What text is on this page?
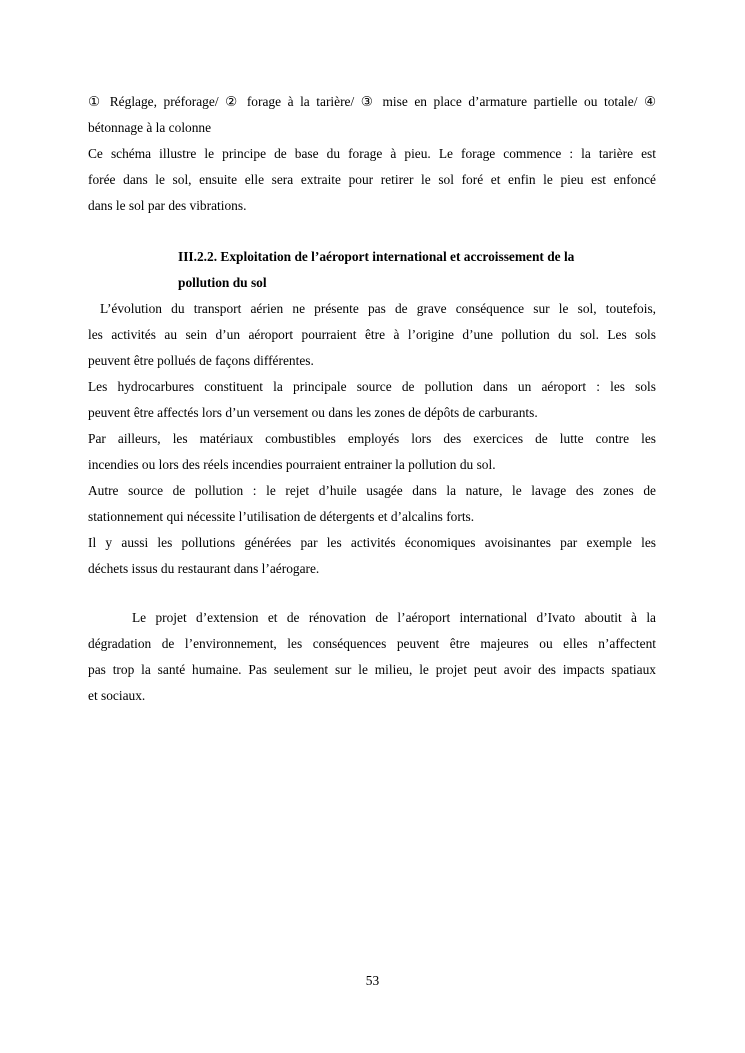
① Réglage, préforage/ ② forage à la tarière/ ③ mise en place d’armature partielle ou totale/ ④
bétonnage à la colonne
Ce schéma illustre le principe de base du forage à pieu. Le forage commence : la tarière est
forée dans le sol, ensuite elle sera extraite pour retirer le sol foré et enfin le pieu est enfoncé
dans le sol par des vibrations.
III.2.2. Exploitation de l’aéroport international et accroissement de la
pollution du sol
L’évolution du transport aérien ne présente pas de grave conséquence sur le sol, toutefois,
les activités au sein d’un aéroport pourraient être à l’origine d’une pollution du sol. Les sols
peuvent être pollués de façons différentes.
Les hydrocarbures constituent la principale source de pollution dans un aéroport : les sols
peuvent être affectés lors d’un versement ou dans les zones de dépôts de carburants.
Par ailleurs, les matériaux combustibles employés lors des exercices de lutte contre les
incendies ou lors des réels incendies pourraient entrainer la pollution du sol.
Autre source de pollution : le rejet d’huile usagée dans la nature, le lavage des zones de
stationnement qui nécessite l’utilisation de détergents et d’alcalins forts.
Il y aussi les pollutions générées par les activités économiques avoisinantes par exemple les
déchets issus du restaurant dans l’aérogare.
Le projet d’extension et de rénovation de l’aéroport international d’Ivato aboutit à la
dégradation de l’environnement, les conséquences peuvent être majeures ou elles n’affectent
pas trop la santé humaine. Pas seulement sur le milieu, le projet peut avoir des impacts spatiaux
et sociaux.
53
